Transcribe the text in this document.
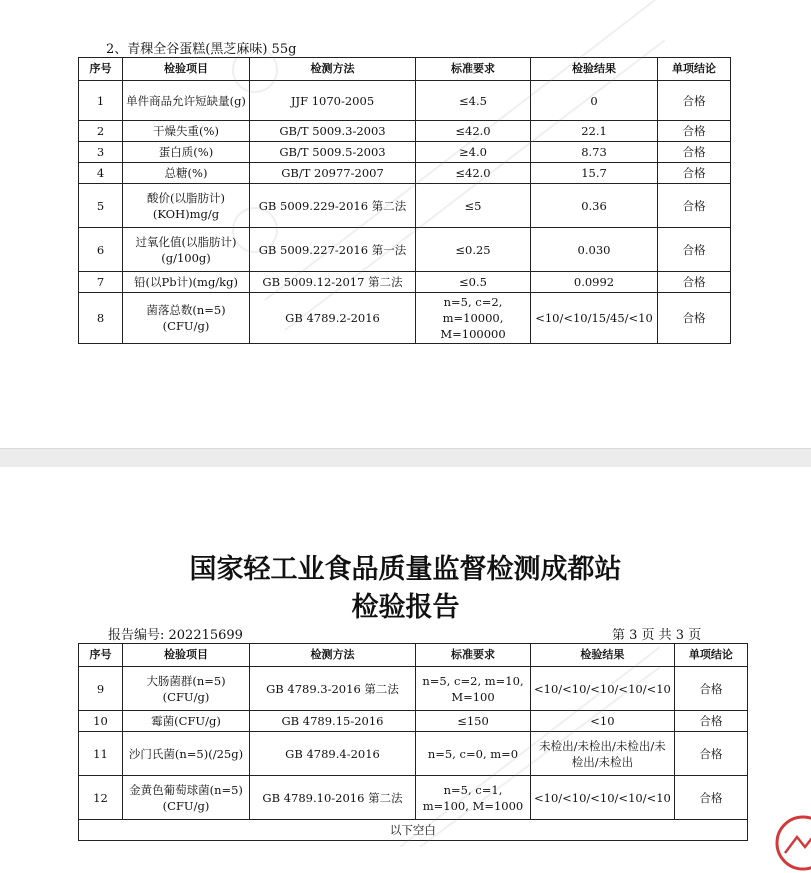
2、青稞全谷蛋糕(黑芝麻味) 55g
序号	检验项目	检测方法	标准要求	检验结果	单项结论
1	单件商品允许短缺量(g)	JJF 1070-2005	≤4.5	0	合格
2	干燥失重(%)	GB/T 5009.3-2003	≤42.0	22.1	合格
3	蛋白质(%)	GB/T 5009.5-2003	≥4.0	8.73	合格
4	总糖(%)	GB/T 20977-2007	≤42.0	15.7	合格
5	酸价(以脂肪计)(KOH)mg/g	GB 5009.229-2016 第二法	≤5	0.36	合格
6	过氧化值(以脂肪计)(g/100g)	GB 5009.227-2016 第一法	≤0.25	0.030	合格
7	铅(以Pb计)(mg/kg)	GB 5009.12-2017 第二法	≤0.5	0.0992	合格
8	菌落总数(n=5)(CFU/g)	GB 4789.2-2016	n=5, c=2, m=10000, M=100000	<10/<10/15/45/<10	合格
国家轻工业食品质量监督检测成都站
检验报告
报告编号: 202215699	第 3 页 共 3 页
序号	检验项目	检测方法	标准要求	检验结果	单项结论
9	大肠菌群(n=5)(CFU/g)	GB 4789.3-2016 第二法	n=5, c=2, m=10, M=100	<10/<10/<10/<10/<10	合格
10	霉菌(CFU/g)	GB 4789.15-2016	≤150	<10	合格
11	沙门氏菌(n=5)(/25g)	GB 4789.4-2016	n=5, c=0, m=0	未检出/未检出/未检出/未检出/未检出	合格
12	金黄色葡萄球菌(n=5)(CFU/g)	GB 4789.10-2016 第二法	n=5, c=1, m=100, M=1000	<10/<10/<10/<10/<10	合格
以下空白					
